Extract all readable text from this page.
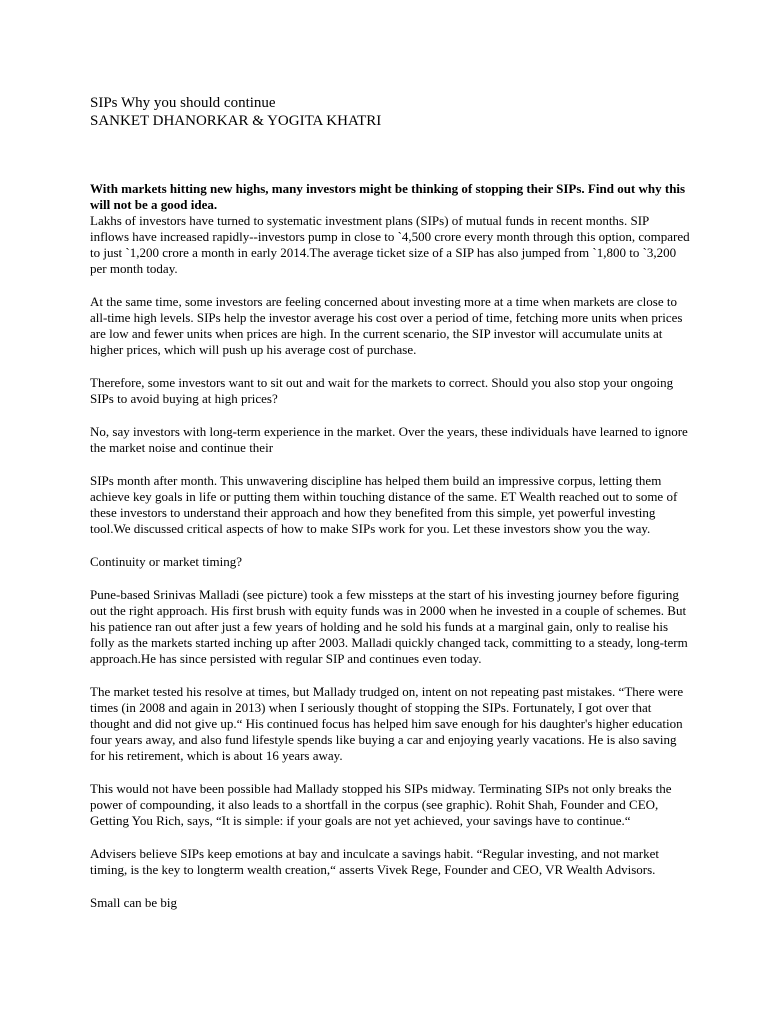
SIPs Why you should continue
SANKET DHANORKAR & YOGITA KHATRI

With markets hitting new highs, many investors might be thinking of stopping their SIPs. Find out why this will not be a good idea.

Lakhs of investors have turned to systematic investment plans (SIPs) of mutual funds in recent months. SIP inflows have increased rapidly--investors pump in close to `4,500 crore every month through this option, compared to just `1,200 crore a month in early 2014.The average ticket size of a SIP has also jumped from `1,800 to `3,200 per month today.

At the same time, some investors are feeling concerned about investing more at a time when markets are close to all-time high levels. SIPs help the investor average his cost over a period of time, fetching more units when prices are low and fewer units when prices are high. In the current scenario, the SIP investor will accumulate units at higher prices, which will push up his average cost of purchase.

Therefore, some investors want to sit out and wait for the markets to correct. Should you also stop your ongoing SIPs to avoid buying at high prices?

No, say investors with long-term experience in the market. Over the years, these individuals have learned to ignore the market noise and continue their

SIPs month after month. This unwavering discipline has helped them build an impressive corpus, letting them achieve key goals in life or putting them within touching distance of the same. ET Wealth reached out to some of these investors to understand their approach and how they benefited from this simple, yet powerful investing tool.We discussed critical aspects of how to make SIPs work for you. Let these investors show you the way.

Continuity or market timing?

Pune-based Srinivas Malladi (see picture) took a few missteps at the start of his investing journey before figuring out the right approach. His first brush with equity funds was in 2000 when he invested in a couple of schemes. But his patience ran out after just a few years of holding and he sold his funds at a marginal gain, only to realise his folly as the markets started inching up after 2003. Malladi quickly changed tack, committing to a steady, long-term approach.He has since persisted with regular SIP and continues even today.

The market tested his resolve at times, but Mallady trudged on, intent on not repeating past mistakes. “There were times (in 2008 and again in 2013) when I seriously thought of stopping the SIPs. Fortunately, I got over that thought and did not give up.“ His continued focus has helped him save enough for his daughter's higher education four years away, and also fund lifestyle spends like buying a car and enjoying yearly vacations. He is also saving for his retirement, which is about 16 years away.

This would not have been possible had Mallady stopped his SIPs midway. Terminating SIPs not only breaks the power of compounding, it also leads to a shortfall in the corpus (see graphic). Rohit Shah, Founder and CEO, Getting You Rich, says, “It is simple: if your goals are not yet achieved, your savings have to continue.“

Advisers believe SIPs keep emotions at bay and inculcate a savings habit. “Regular investing, and not market timing, is the key to longterm wealth creation,“ asserts Vivek Rege, Founder and CEO, VR Wealth Advisors.

Small can be big
